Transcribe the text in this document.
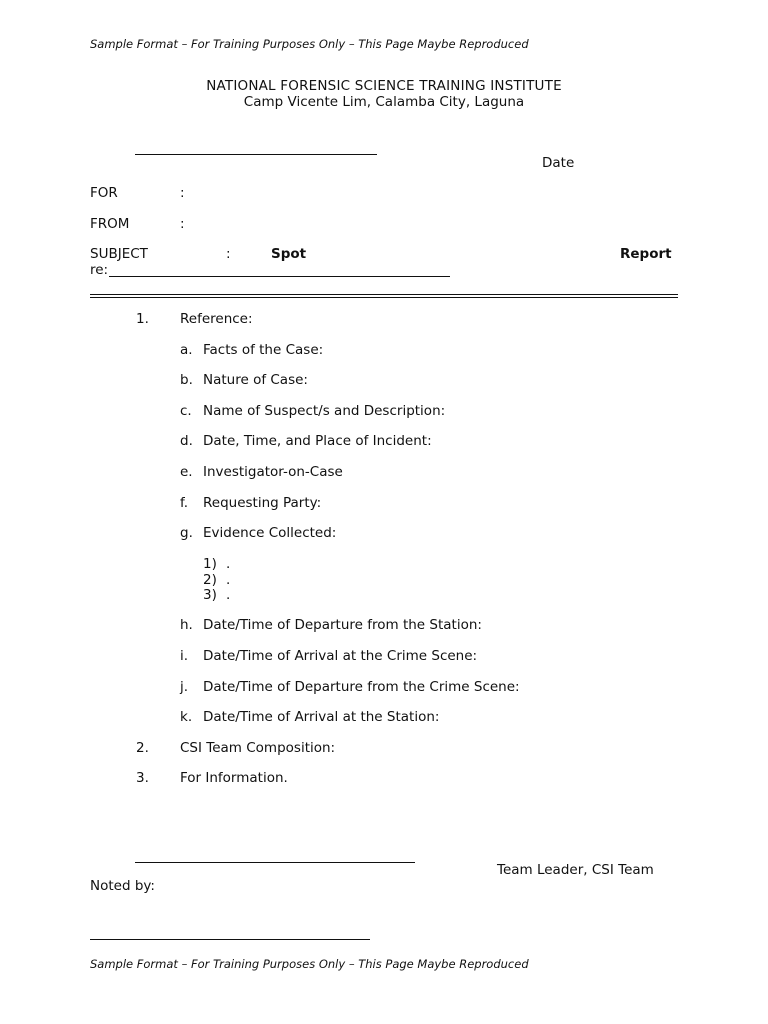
Sample Format – For Training Purposes Only – This Page Maybe Reproduced
NATIONAL FORENSIC SCIENCE TRAINING INSTITUTE
Camp Vicente Lim, Calamba City, Laguna
Date
FOR	:
FROM	:
SUBJECT	:	Spot	Report
re:
1. Reference:
a. Facts of the Case:
b. Nature of Case:
c. Name of Suspect/s and Description:
d. Date, Time, and Place of Incident:
e. Investigator-on-Case
f. Requesting Party:
g. Evidence Collected:
1) .
2) .
3) .
h. Date/Time of Departure from the Station:
i. Date/Time of Arrival at the Crime Scene:
j. Date/Time of Departure from the Crime Scene:
k. Date/Time of Arrival at the Station:
2. CSI Team Composition:
3. For Information.
Team Leader, CSI Team
Noted by:
Sample Format – For Training Purposes Only – This Page Maybe Reproduced
